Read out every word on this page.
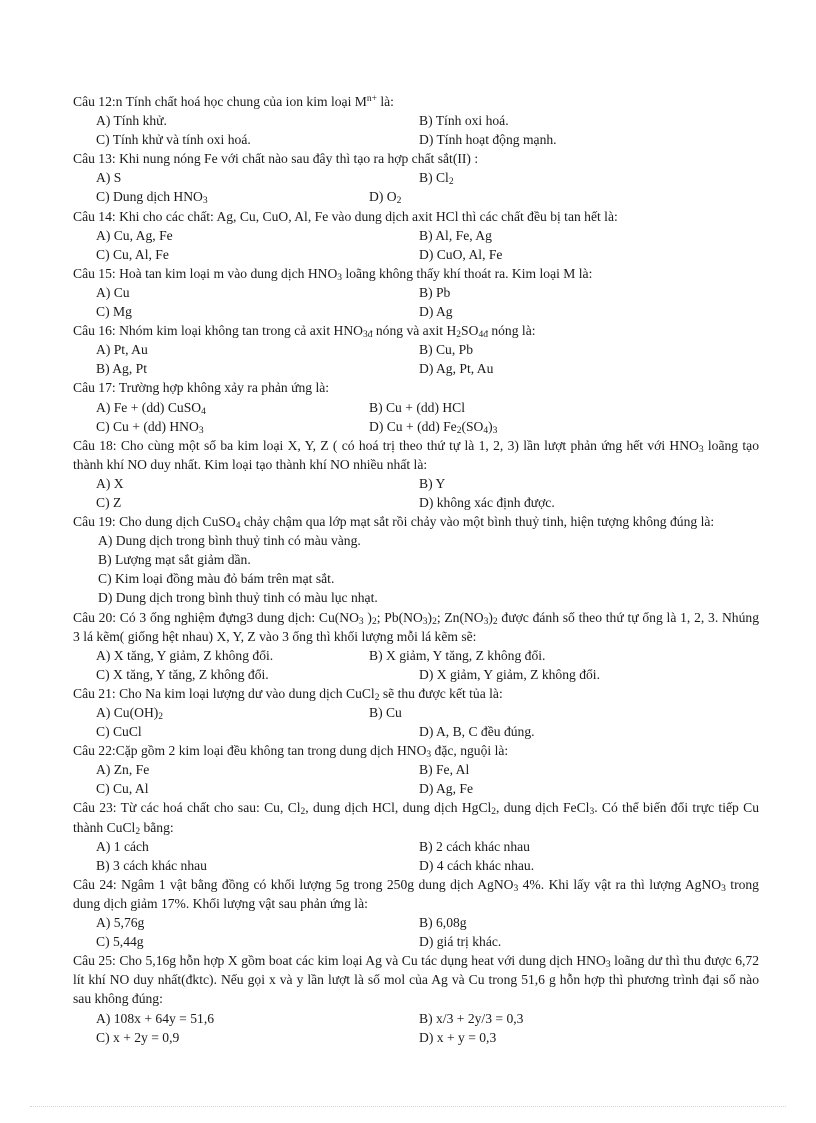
Câu 12:n Tính chất hoá học chung của ion kim loại $M^{n+}$ là:
A) Tính khử.	B) Tính oxi hoá.
C) Tính khử và tính oxi hoá.	D) Tính hoạt động mạnh.
Câu 13: Khi nung nóng Fe với chất nào sau đây thì tạo ra hợp chất sắt(II) :
A) S	B) $Cl_2$
C) Dung dịch $HNO_3$	D) $O_2$
Câu 14: Khi cho các chất: Ag, Cu, CuO, Al, Fe vào dung dịch axit HCl thì các chất đều bị tan hết là:
A) Cu, Ag, Fe	B) Al, Fe, Ag
C) Cu, Al, Fe	D) CuO, Al, Fe
Câu 15: Hoà tan kim loại m vào dung dịch $HNO_3$ loãng không thấy khí thoát ra. Kim loại M là:
A) Cu	B) Pb
C) Mg	D) Ag
Câu 16: Nhóm kim loại không tan trong cả axit $HNO_{3đ}$ nóng và axit $H_2SO_{4đ}$ nóng là:
A) Pt, Au	B) Cu, Pb
B) Ag, Pt	D) Ag, Pt, Au
Câu 17: Trường hợp không xảy ra phản ứng là:
A) Fe + (dd) CuSO$_4$	B) Cu + (dd) HCl
C) Cu + (dd) $HNO_3$	D) Cu + (dd) $Fe_2(SO_4)_3$
Câu 18: Cho cùng một số ba kim loại X, Y, Z ( có hoá trị theo thứ tự là 1, 2, 3) lần lượt phản ứng hết với $HNO_3$ loãng tạo thành khí NO duy nhất. Kim loại tạo thành khí NO nhiều nhất là:
A) X	B) Y
C) Z	D) không xác định được.
Câu 19: Cho dung dịch CuSO$_4$ chảy chậm qua lớp mạt sắt rồi chảy vào một bình thuỷ tinh, hiện tượng không đúng là:
A) Dung dịch trong bình thuỷ tinh có màu vàng.
B) Lượng mạt sắt giảm dần.
C) Kim loại đồng màu đỏ bám trên mạt sắt.
D) Dung dịch trong bình thuỷ tinh có màu lục nhạt.
Câu 20: Có 3 ống nghiệm đựng3 dung dịch: $Cu(NO_3$ )$_2$; $Pb(NO_3)_2$; $Zn(NO_3)_2$ được đánh số theo thứ tự ống là 1, 2, 3. Nhúng 3 lá kẽm( giống hệt nhau) X, Y, Z vào 3 ống thì khối lượng mỗi lá kẽm sẽ:
A) X tăng, Y giảm, Z không đổi.	B) X giảm, Y tăng, Z không đổi.
C) X tăng, Y tăng, Z không đổi.	D) X giảm, Y giảm, Z không đổi.
Câu 21: Cho Na kim loại lượng dư vào dung dịch CuCl$_2$ sẽ thu được kết tủa là:
A) $Cu(OH)_2$	B) Cu
C) CuCl	D) A, B, C đều đúng.
Câu 22:Cặp gồm 2 kim loại đều không tan trong dung dịch $HNO_3$ đặc, nguội là:
A) Zn, Fe	B) Fe, Al
C) Cu, Al	D) Ag, Fe
Câu 23: Từ các hoá chất cho sau: Cu, $Cl_2$, dung dịch HCl, dung dịch HgCl$_2$, dung dịch FeCl$_3$. Có thể biến đổi trực tiếp Cu thành CuCl$_2$ bằng:
A) 1 cách	B) 2 cách khác nhau
B) 3 cách khác nhau	D) 4 cách khác nhau.
Câu 24: Ngâm 1 vật bằng đồng có khối lượng 5g trong 250g dung dịch AgNO$_3$ 4%. Khi lấy vật ra thì lượng AgNO$_3$ trong dung dịch giảm 17%. Khối lượng vật sau phản ứng là:
A) 5,76g	B) 6,08g
C) 5,44g	D) giá trị khác.
Câu 25: Cho 5,16g hỗn hợp X gồm boat các kim loại Ag và Cu tác dụng heat với dung dịch $HNO_3$ loãng dư thì thu được 6,72 lít khí NO duy nhất(đktc). Nếu gọi x và y lần lượt là số mol của Ag và Cu trong 51,6 g hỗn hợp thì phương trình đại số nào sau không đúng:
A) 108x + 64y = 51,6	B) x/3 + 2y/3 = 0,3
C) x + 2y = 0,9	D) x + y = 0,3
